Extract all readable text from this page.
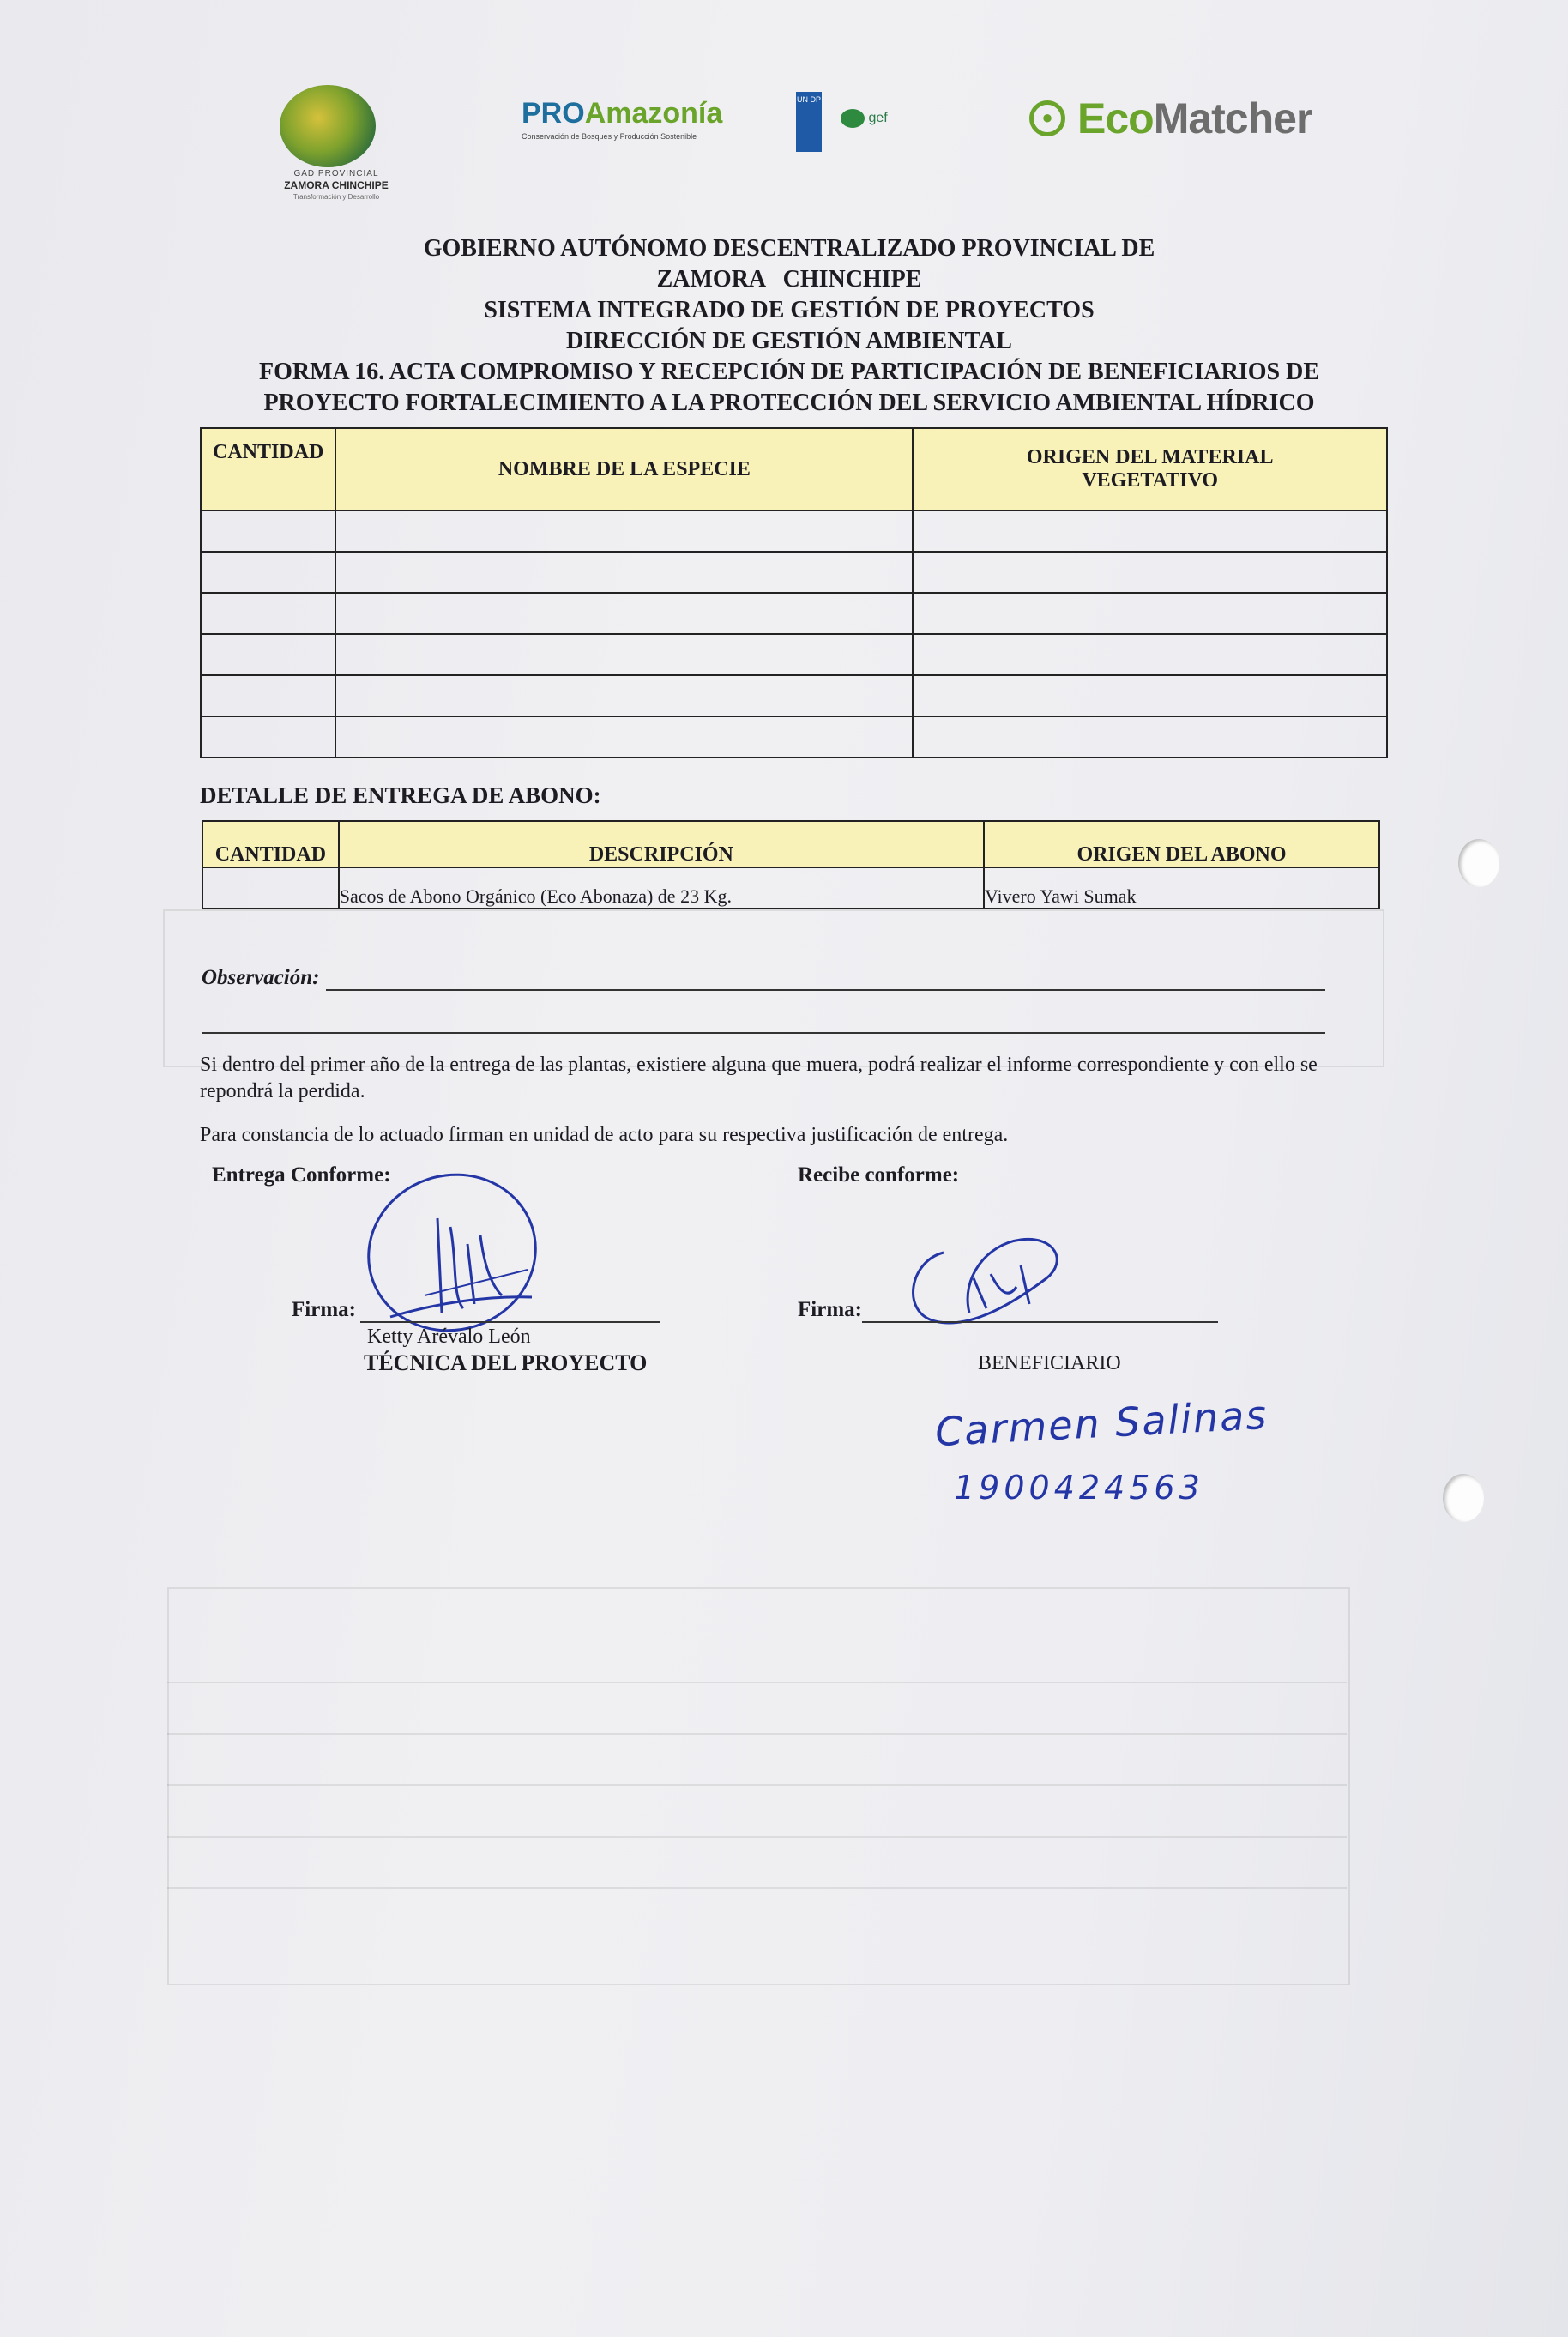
GAD PROVINCIAL
ZAMORA CHINCHIPE
Transformación y Desarrollo
PROAmazonía
Conservación de Bosques y Producción Sostenible
UN DP
gef	● EcoMatcher
GOBIERNO AUTÓNOMO DESCENTRALIZADO PROVINCIAL DE
ZAMORA   CHINCHIPE
SISTEMA INTEGRADO DE GESTIÓN DE PROYECTOS
DIRECCIÓN DE GESTIÓN AMBIENTAL
FORMA 16. ACTA COMPROMISO Y RECEPCIÓN DE PARTICIPACIÓN DE BENEFICIARIOS DE
PROYECTO FORTALECIMIENTO A LA PROTECCIÓN DEL SERVICIO AMBIENTAL HÍDRICO
CANTIDAD	NOMBRE DE LA ESPECIE	ORIGEN DEL MATERIAL VEGETATIVO

DETALLE DE ENTREGA DE ABONO:
CANTIDAD	DESCRIPCIÓN	ORIGEN DEL ABONO
	Sacos de Abono Orgánico (Eco Abonaza) de 23 Kg.	Vivero Yawi Sumak
Observación:
Si dentro del primer año de la entrega de las plantas, existiere alguna que muera, podrá realizar el informe correspondiente y con ello se repondrá la perdida.
Para constancia de lo actuado firman en unidad de acto para su respectiva justificación de entrega.
Entrega Conforme:	Recibe conforme:
Firma:
Ketty Arévalo León
TÉCNICA DEL PROYECTO
Firma:
BENEFICIARIO
Carmen Salinas
1900424563
